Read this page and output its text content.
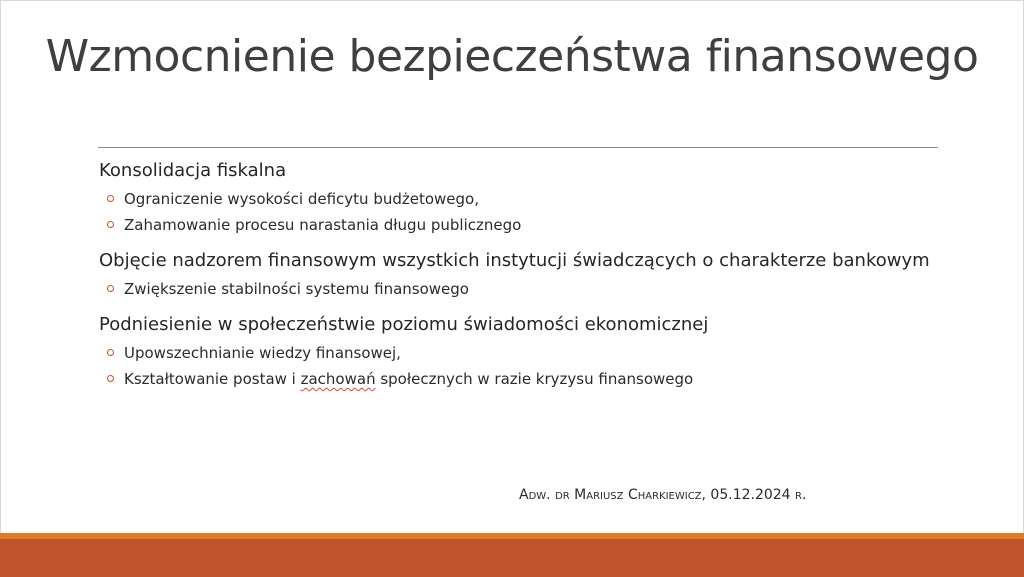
Wzmocnienie bezpieczeństwa finansowego
Konsolidacja fiskalna
Ograniczenie wysokości deficytu budżetowego,
Zahamowanie procesu narastania długu publicznego
Objęcie nadzorem finansowym wszystkich instytucji świadczących o charakterze bankowym
Zwiększenie stabilności systemu finansowego
Podniesienie w społeczeństwie poziomu świadomości ekonomicznej
Upowszechnianie wiedzy finansowej,
Kształtowanie postaw i zachowań społecznych w razie kryzysu finansowego
Adw. dr Mariusz Charkiewicz, 05.12.2024 r.
